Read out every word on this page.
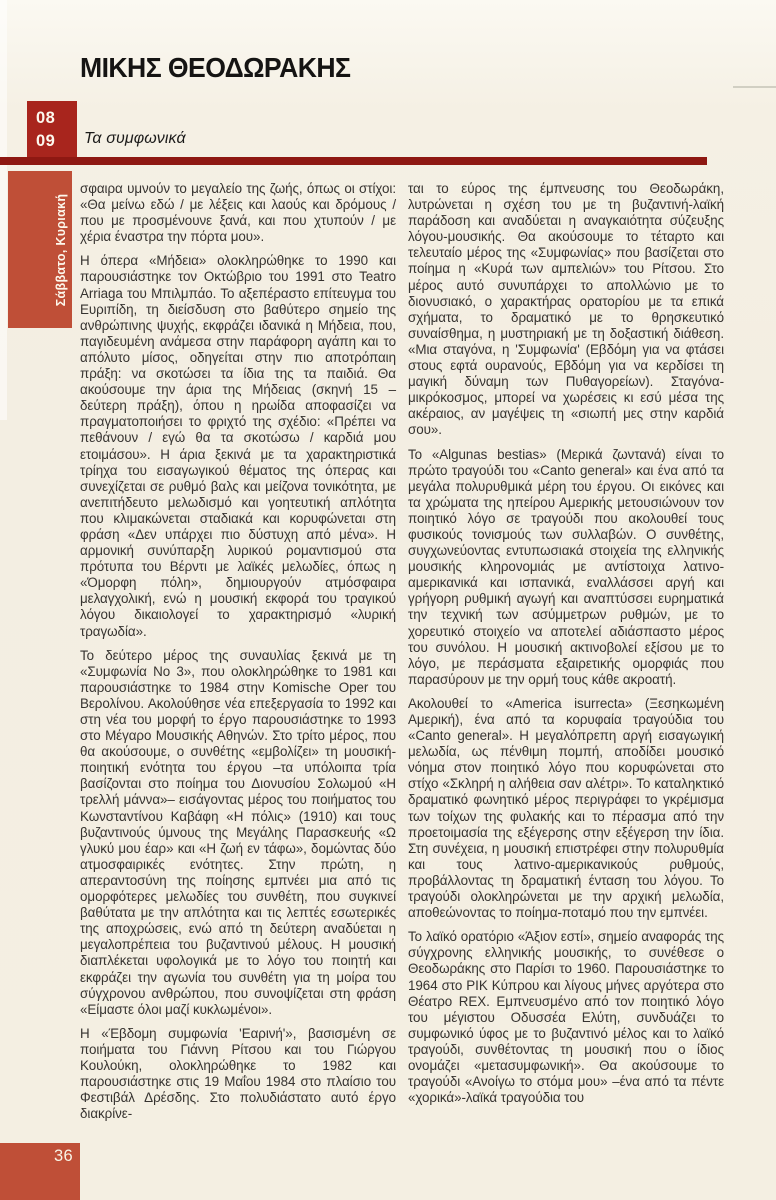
ΜΙΚΗΣ ΘΕΟΔΩΡΑΚΗΣ
08
09	Τα συμφωνικά
Σάββατο, Κυριακή

σφαιρα υμνούν το μεγαλείο της ζωής, όπως οι στίχοι: «Θα μείνω εδώ / με λέξεις και λαούς και δρόμους / που με προσμένουνε ξανά, και που χτυπούν / με χέρια έναστρα την πόρτα μου».

Η όπερα «Μήδεια» ολοκληρώθηκε το 1990 και παρουσιάστηκε τον Οκτώβριο του 1991 στο Teatro Arriaga του Μπιλμπάο. Το αξεπέραστο επίτευγμα του Ευριπίδη, τη διείσδυση στο βαθύτερο σημείο της ανθρώπινης ψυχής, εκφράζει ιδανικά η Μήδεια, που, παγιδευμένη ανάμεσα στην παράφορη αγάπη και το απόλυτο μίσος, οδηγείται στην πιο αποτρόπαιη πράξη: να σκοτώσει τα ίδια της τα παιδιά. Θα ακούσουμε την άρια της Μήδειας (σκηνή 15 – δεύτερη πράξη), όπου η ηρωίδα αποφασίζει να πραγματοποιήσει το φριχτό της σχέδιο: «Πρέπει να πεθάνουν / εγώ θα τα σκοτώσω / καρδιά μου ετοιμάσου». Η άρια ξεκινά με τα χαρακτηριστικά τρίηχα του εισαγωγικού θέματος της όπερας και συνεχίζεται σε ρυθμό βαλς και μείζονα τονικότητα, με ανεπιτήδευτο μελωδισμό και γοητευτική απλότητα που κλιμακώνεται σταδιακά και κορυφώνεται στη φράση «Δεν υπάρχει πιο δύστυχη από μένα». Η αρμονική συνύπαρξη λυρικού ρομαντισμού στα πρότυπα του Βέρντι με λαϊκές μελωδίες, όπως η «Όμορφη πόλη», δημιουργούν ατμόσφαιρα μελαγχολική, ενώ η μουσική εκφορά του τραγικού λόγου δικαιολογεί το χαρακτηρισμό «λυρική τραγωδία».

Το δεύτερο μέρος της συναυλίας ξεκινά με τη «Συμφωνία Νο 3», που ολοκληρώθηκε το 1981 και παρουσιάστηκε το 1984 στην Komische Oper του Βερολίνου. Ακολούθησε νέα επεξεργασία το 1992 και στη νέα του μορφή το έργο παρουσιάστηκε το 1993 στο Μέγαρο Μουσικής Αθηνών. Στο τρίτο μέρος, που θα ακούσουμε, ο συνθέτης «εμβολίζει» τη μουσική-ποιητική ενότητα του έργου –τα υπόλοιπα τρία βασίζονται στο ποίημα του Διονυσίου Σολωμού «Η τρελλή μάννα»– εισάγοντας μέρος του ποιήματος του Κωνσταντίνου Καβάφη «Η πόλις» (1910) και τους βυζαντινούς ύμνους της Μεγάλης Παρασκευής «Ω γλυκύ μου έαρ» και «Η ζωή εν τάφω», δομώντας δύο ατμοσφαιρικές ενότητες. Στην πρώτη, η απεραντοσύνη της ποίησης εμπνέει μια από τις ομορφότερες μελωδίες του συνθέτη, που συγκινεί βαθύτατα με την απλότητα και τις λεπτές εσωτερικές της αποχρώσεις, ενώ από τη δεύτερη αναδύεται η μεγαλοπρέπεια του βυζαντινού μέλους. Η μουσική διαπλέκεται υφολογικά με το λόγο του ποιητή και εκφράζει την αγωνία του συνθέτη για τη μοίρα του σύγχρονου ανθρώπου, που συνοψίζεται στη φράση «Είμαστε όλοι μαζί κυκλωμένοι».

Η «Έβδομη συμφωνία 'Εαρινή'», βασισμένη σε ποιήματα του Γιάννη Ρίτσου και του Γιώργου Κουλούκη, ολοκληρώθηκε το 1982 και παρουσιάστηκε στις 19 Μαΐου 1984 στο πλαίσιο του Φεστιβάλ Δρέσδης. Στο πολυδιάστατο αυτό έργο διακρίνε-

ται το εύρος της έμπνευσης του Θεοδωράκη, λυτρώνεται η σχέση του με τη βυζαντινή-λαϊκή παράδοση και αναδύεται η αναγκαιότητα σύζευξης λόγου-μουσικής. Θα ακούσουμε το τέταρτο και τελευταίο μέρος της «Συμφωνίας» που βασίζεται στο ποίημα η «Κυρά των αμπελιών» του Ρίτσου. Στο μέρος αυτό συνυπάρχει το απολλώνιο με το διονυσιακό, ο χαρακτήρας ορατορίου με τα επικά σχήματα, το δραματικό με το θρησκευτικό συναίσθημα, η μυστηριακή με τη δοξαστική διάθεση. «Μια σταγόνα, η 'Συμφωνία' (Εβδόμη για να φτάσει στους εφτά ουρανούς, Εβδόμη για να κερδίσει τη μαγική δύναμη των Πυθαγορείων). Σταγόνα-μικρόκοσμος, μπορεί να χωρέσεις κι εσύ μέσα της ακέραιος, αν μαγέψεις τη «σιωπή μες στην καρδιά σου».

Το «Algunas bestias» (Μερικά ζωντανά) είναι το πρώτο τραγούδι του «Canto general» και ένα από τα μεγάλα πολυρυθμικά μέρη του έργου. Οι εικόνες και τα χρώματα της ηπείρου Αμερικής μετουσιώνουν τον ποιητικό λόγο σε τραγούδι που ακολουθεί τους φυσικούς τονισμούς των συλλαβών. Ο συνθέτης, συγχωνεύοντας εντυπωσιακά στοιχεία της ελληνικής μουσικής κληρονομιάς με αντίστοιχα λατινο-αμερικανικά και ισπανικά, εναλλάσσει αργή και γρήγορη ρυθμική αγωγή και αναπτύσσει ευρηματικά την τεχνική των ασύμμετρων ρυθμών, με το χορευτικό στοιχείο να αποτελεί αδιάσπαστο μέρος του συνόλου. Η μουσική ακτινοβολεί εξίσου με το λόγο, με περάσματα εξαιρετικής ομορφιάς που παρασύρουν με την ορμή τους κάθε ακροατή.

Ακολουθεί το «America isurrecta» (Ξεσηκωμένη Αμερική), ένα από τα κορυφαία τραγούδια του «Canto general». Η μεγαλόπρεπη αργή εισαγωγική μελωδία, ως πένθιμη πομπή, αποδίδει μουσικό νόημα στον ποιητικό λόγο που κορυφώνεται στο στίχο «Σκληρή η αλήθεια σαν αλέτρι». Το καταληκτικό δραματικό φωνητικό μέρος περιγράφει το γκρέμισμα των τοίχων της φυλακής και το πέρασμα από την προετοιμασία της εξέγερσης στην εξέγερση την ίδια. Στη συνέχεια, η μουσική επιστρέφει στην πολυρυθμία και τους λατινο-αμερικανικούς ρυθμούς, προβάλλοντας τη δραματική ένταση του λόγου. Το τραγούδι ολοκληρώνεται με την αρχική μελωδία, αποθεώνοντας το ποίημα-ποταμό που την εμπνέει.

Το λαϊκό ορατόριο «Άξιον εστί», σημείο αναφοράς της σύγχρονης ελληνικής μουσικής, το συνέθεσε ο Θεοδωράκης στο Παρίσι το 1960. Παρουσιάστηκε το 1964 στο ΡΙΚ Κύπρου και λίγους μήνες αργότερα στο Θέατρο REX. Εμπνευσμένο από τον ποιητικό λόγο του μέγιστου Οδυσσέα Ελύτη, συνδυάζει το συμφωνικό ύφος με το βυζαντινό μέλος και το λαϊκό τραγούδι, συνθέτοντας τη μουσική που ο ίδιος ονομάζει «μετασυμφωνική». Θα ακούσουμε το τραγούδι «Ανοίγω το στόμα μου» –ένα από τα πέντε «χορικά»-λαϊκά τραγούδια του

36
